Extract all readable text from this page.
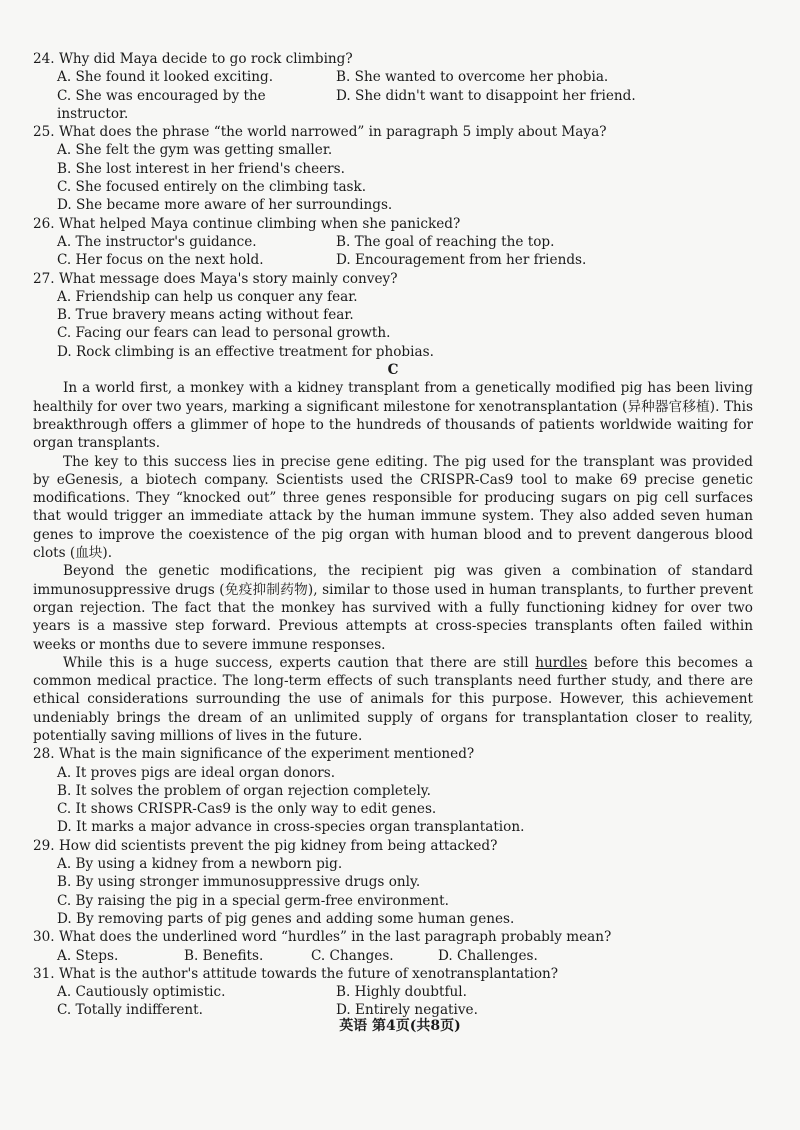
24. Why did Maya decide to go rock climbing?
A. She found it looked exciting.	B. She wanted to overcome her phobia.
C. She was encouraged by the instructor.
D. She didn't want to disappoint her friend.
25. What does the phrase “the world narrowed” in paragraph 5 imply about Maya?
A. She felt the gym was getting smaller.
B. She lost interest in her friend's cheers.
C. She focused entirely on the climbing task.
D. She became more aware of her surroundings.
26. What helped Maya continue climbing when she panicked?
A. The instructor's guidance.	B. The goal of reaching the top.
C. Her focus on the next hold.	D. Encouragement from her friends.
27. What message does Maya's story mainly convey?
A. Friendship can help us conquer any fear.
B. True bravery means acting without fear.
C. Facing our fears can lead to personal growth.
D. Rock climbing is an effective treatment for phobias.
C

In a world first, a monkey with a kidney transplant from a genetically modified pig has been living healthily for over two years, marking a significant milestone for xenotransplantation (异种器官移植). This breakthrough offers a glimmer of hope to the hundreds of thousands of patients worldwide waiting for organ transplants.

The key to this success lies in precise gene editing. The pig used for the transplant was provided by eGenesis, a biotech company. Scientists used the CRISPR-Cas9 tool to make 69 precise genetic modifications. They “knocked out” three genes responsible for producing sugars on pig cell surfaces that would trigger an immediate attack by the human immune system. They also added seven human genes to improve the coexistence of the pig organ with human blood and to prevent dangerous blood clots (血块).

Beyond the genetic modifications, the recipient pig was given a combination of standard immunosuppressive drugs (免疫抑制药物), similar to those used in human transplants, to further prevent organ rejection. The fact that the monkey has survived with a fully functioning kidney for over two years is a massive step forward. Previous attempts at cross-species transplants often failed within weeks or months due to severe immune responses.

While this is a huge success, experts caution that there are still hurdles before this becomes a common medical practice. The long-term effects of such transplants need further study, and there are ethical considerations surrounding the use of animals for this purpose. However, this achievement undeniably brings the dream of an unlimited supply of organs for transplantation closer to reality, potentially saving millions of lives in the future.

28. What is the main significance of the experiment mentioned?
A. It proves pigs are ideal organ donors.
B. It solves the problem of organ rejection completely.
C. It shows CRISPR-Cas9 is the only way to edit genes.
D. It marks a major advance in cross-species organ transplantation.
29. How did scientists prevent the pig kidney from being attacked?
A. By using a kidney from a newborn pig.
B. By using stronger immunosuppressive drugs only.
C. By raising the pig in a special germ-free environment.
D. By removing parts of pig genes and adding some human genes.
30. What does the underlined word “hurdles” in the last paragraph probably mean?
A. Steps.	B. Benefits.	C. Changes.	D. Challenges.
31. What is the author's attitude towards the future of xenotransplantation?
A. Cautiously optimistic.	B. Highly doubtful.
C. Totally indifferent.	D. Entirely negative.
英语 第4页(共8页)
